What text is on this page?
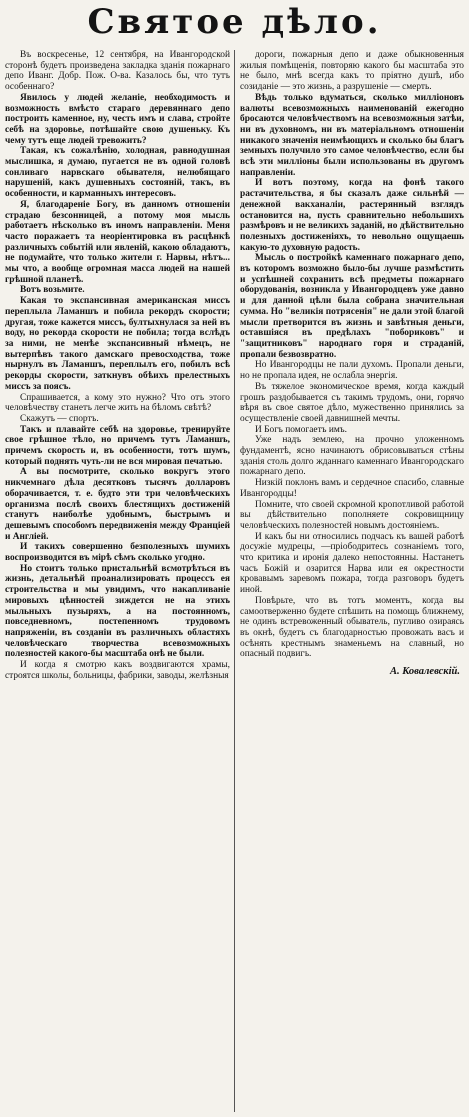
Святое дѣло.

Въ воскресенье, 12 сентября, на Ивангородской сторонѣ будетъ произведена закладка зданія пожарнаго депо Иванг. Добр. Пож. О-ва. Казалось бы, что тутъ особеннаго?

Явилось у людей желаніе, необходимость и возможность вмѣсто стараго деревяннаго депо построить каменное, ну, честь имъ и слава, стройте себѣ на здоровье, потѣшайте свою душеньку. Къ чему тутъ еще людей тревожить?

Такая, къ сожалѣнію, холодная, равнодушная мыслишка, я думаю, пугается не въ одной головѣ сонливаго нарвскаго обывателя, нелюбящаго нарушеній, какъ душевныхъ состояній, такъ, въ особенности, и карманныхъ интересовъ.

Я, благодареніе Богу, въ данномъ отношеніи страдаю безсонницей, а потому моя мысль работаетъ нѣсколько въ иномъ направленіи. Меня часто поражаетъ та неоріентировка въ расцѣнкѣ различныхъ событій или явленій, какою обладаютъ, не подумайте, что только жители г. Нарвы, нѣтъ... мы что, а вообще огромная масса людей на нашей грѣшной планетѣ.

Вотъ возьмите.

Какая то экспансивная американская миссъ переплыла Ламаншъ и побила рекордъ скорости; другая, тоже кажется миссъ, бултыхнулася за ней въ воду, но рекорда скорости не побила; тогда вслѣдъ за ними, не менѣе экспансивный нѣмецъ, не вытерпѣвъ такого дамскаго превосходства, тоже нырнулъ въ Ламаншъ, переплылъ его, побилъ всѣ рекорды скорости, заткнувъ обѣихъ прелестныхъ миссъ за поясъ.

Спрашивается, а кому это нужно? Что отъ этого человѣчеству станетъ легче жить на бѣломъ свѣтѣ?

Скажутъ — спортъ.

Такъ и плавайте себѣ на здоровье, тренируйте свое грѣшное тѣло, но причемъ тутъ Ламаншъ, причемъ скорость и, въ особенности, тотъ шумъ, который поднять чуть-ли не вся мировая печатью.

А вы посмотрите, сколько вокругъ этого никчемнаго дѣла десятковъ тысячъ долларовъ оборачивается, т. е. будто эти три человѣческихъ организма послѣ своихъ блестящихъ достиженій станутъ наиболѣе удобнымъ, быстрымъ и дешевымъ способомъ передвиженія между Франціей и Англіей.

И такихъ совершенно безполезныхъ шумихъ воспроизводится въ мірѣ сѣмъ сколько угодно.

Но стоитъ только пристальнѣй всмотрѣться въ жизнь, детальнѣй проанализировать процессъ ея строительства и мы увидимъ, что накапливаніе мировыхъ цѣнностей зиждется не на этихъ мыльныхъ пузыряхъ, а на постоянномъ, повседневномъ, постепенномъ трудовомъ напряженіи, въ созданіи въ различныхъ областяхъ человѣческаго творчества всевозможныхъ полезностей какого-бы масштаба онѣ не были.

И когда я смотрю какъ воздвигаются храмы, строятся школы, больницы, фабрики, заводы, желѣзныя

дороги, пожарныя депо и даже обыкновенныя жилыя помѣщенія, повторяю какого бы масштаба это не было, мнѣ всегда какъ то пріятно душѣ, ибо созиданіе — это жизнь, а разрушеніе — смерть.

Вѣдь только вдуматься, сколько милліоновъ валюты всевозможныхъ наименованій ежегодно бросаются человѣчествомъ на всевозможныя затѣи, ни въ духовномъ, ни въ матеріальномъ отношеніи никакого значенія неимѣющихъ и сколько бы благъ земныхъ получило это самое человѣчество, если бы всѣ эти милліоны были использованы въ другомъ направленіи.

И вотъ поэтому, когда на фонѣ такого растачительства, я бы сказалъ даже сильнѣй — денежной вакханаліи, растерянный взглядъ остановится на, пусть сравнительно небольшихъ размѣровъ и не великихъ заданій, но дѣйствительно полезныхъ достиженіяхъ, то невольно ощущаешь какую-то духовную радость.

Мысль о постройкѣ каменнаго пожарнаго депо, въ которомъ возможно было-бы лучше размѣстить и успѣшней сохранить всѣ предметы пожарнаго оборудованія, возникла у Ивангородцевъ уже давно и для данной цѣли была собрана значительная сумма. Но "великія потрясенія" не дали этой благой мысли претворится въ жизнь и завѣтныя деньги, оставшіяся въ предѣлахъ "побориковъ" и "защитниковъ" народнаго горя и страданій, пропали безвозвратно.

Но Ивангородцы не пали духомъ. Пропали деньги, но не пропала идея, не ослабла энергія.

Въ тяжелое экономическое время, когда каждый грошъ раздобывается съ такимъ трудомъ, они, горячо вѣря въ свое святое дѣло, мужественно принялись за осуществленіе своей давнишней мечты.

И Богъ помогаетъ имъ.

Уже надъ землею, на прочно уложенномъ фундаментѣ, ясно начинаютъ обрисовываться стѣны зданія столь долго жданнаго каменнаго Ивангородскаго пожарнаго депо.

Низкій поклонъ вамъ и сердечное спасибо, славные Ивангородцы!

Помните, что своей скромной кропотливой работой вы дѣйствительно пополняете сокровищницу человѣческихъ полезностей новымъ достояніемъ.

И какъ бы ни относились подчасъ къ вашей работѣ досужіе мудрецы, —пріободритесь сознаніемъ того, что критика и иронія далеко непостоянны. Настанетъ часъ Божій и озарится Нарва или ея окрестности кровавымъ заревомъ пожара, тогда разговоръ будетъ иной.

Повѣрьте, что въ тотъ моментъ, когда вы самоотверженно будете спѣшить на помощь ближнему, не одинъ встревоженный обыватель, пугливо озираясь въ окнѣ, будетъ съ благодарностью провожать васъ и осѣнять крестнымъ знаменьемъ на славный, но опасный подвигъ.

А. Ковалевскій.
